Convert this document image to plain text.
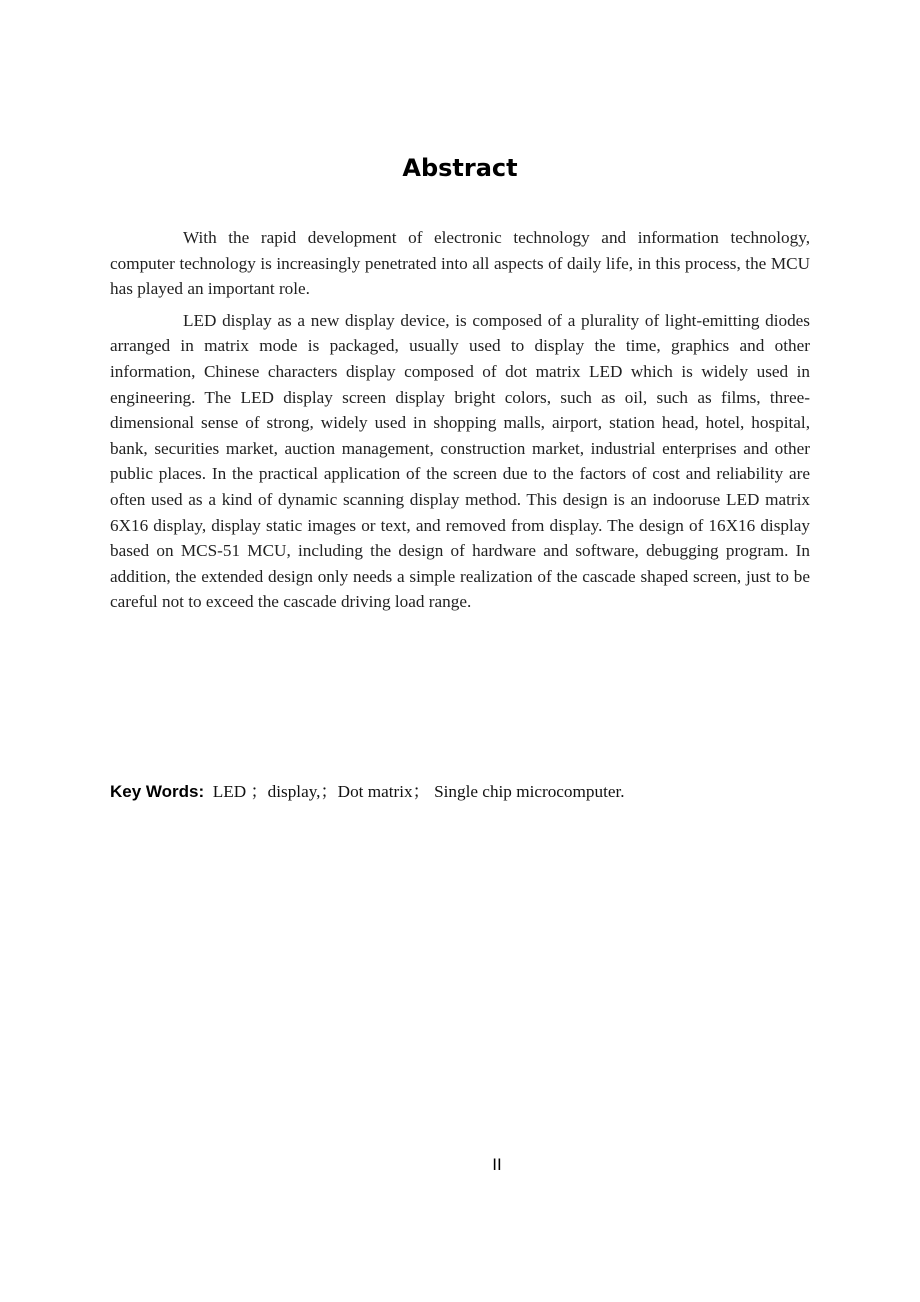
Abstract

With the rapid development of electronic technology and information technology, computer technology is increasingly penetrated into all aspects of daily life, in this process, the MCU has played an important role.

LED display as a new display device, is composed of a plurality of light-emitting diodes arranged in matrix mode is packaged, usually used to display the time, graphics and other information, Chinese characters display composed of dot matrix LED which is widely used in engineering. The LED display screen display bright colors, such as oil, such as films, three-dimensional sense of strong, widely used in shopping malls, airport, station head, hotel, hospital, bank, securities market, auction management, construction market, industrial enterprises and other public places. In the practical application of the screen due to the factors of cost and reliability are often used as a kind of dynamic scanning display method. This design is an indooruse LED matrix 6X16 display, display static images or text, and removed from display. The design of 16X16 display based on MCS-51 MCU, including the design of hardware and software, debugging program. In addition, the extended design only needs a simple realization of the cascade shaped screen, just to be careful not to exceed the cascade driving load range.

Key Words: LED ；display,；Dot matrix； Single chip microcomputer.
II
